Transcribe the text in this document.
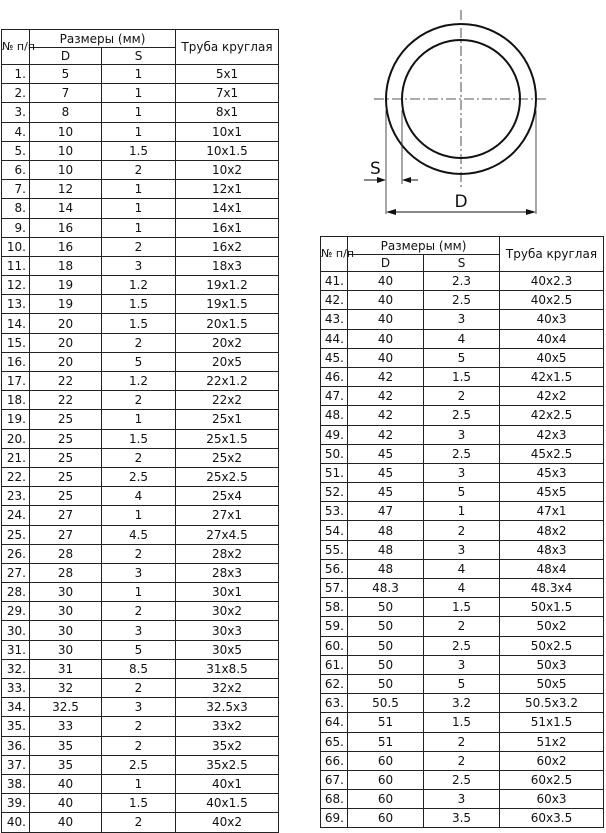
№ п/п	Размеры (мм)		Труба круглая
	D	S	
1.	5	1	5x1
2.	7	1	7x1
3.	8	1	8x1
4.	10	1	10x1
5.	10	1.5	10x1.5
6.	10	2	10x2
7.	12	1	12x1
8.	14	1	14x1
9.	16	1	16x1
10.	16	2	16x2
11.	18	3	18x3
12.	19	1.2	19x1.2
13.	19	1.5	19x1.5
14.	20	1.5	20x1.5
15.	20	2	20x2
16.	20	5	20x5
17.	22	1.2	22x1.2
18.	22	2	22x2
19.	25	1	25x1
20.	25	1.5	25x1.5
21.	25	2	25x2
22.	25	2.5	25x2.5
23.	25	4	25x4
24.	27	1	27x1
25.	27	4.5	27x4.5
26.	28	2	28x2
27.	28	3	28x3
28.	30	1	30x1
29.	30	2	30x2
30.	30	3	30x3
31.	30	5	30x5
32.	31	8.5	31x8.5
33.	32	2	32x2
34.	32.5	3	32.5x3
35.	33	2	33x2
36.	35	2	35x2
37.	35	2.5	35x2.5
38.	40	1	40x1
39.	40	1.5	40x1.5
40.	40	2	40x2
D
S
№ п/п	Размеры (мм)		Труба круглая
	D	S	
41.	40	2.3	40x2.3
42.	40	2.5	40x2.5
43.	40	3	40x3
44.	40	4	40x4
45.	40	5	40x5
46.	42	1.5	42x1.5
47.	42	2	42x2
48.	42	2.5	42x2.5
49.	42	3	42x3
50.	45	2.5	45x2.5
51.	45	3	45x3
52.	45	5	45x5
53.	47	1	47x1
54.	48	2	48x2
55.	48	3	48x3
56.	48	4	48x4
57.	48.3	4	48.3x4
58.	50	1.5	50x1.5
59.	50	2	50x2
60.	50	2.5	50x2.5
61.	50	3	50x3
62.	50	5	50x5
63.	50.5	3.2	50.5x3.2
64.	51	1.5	51x1.5
65.	51	2	51x2
66.	60	2	60x2
67.	60	2.5	60x2.5
68.	60	3	60x3
69.	60	3.5	60x3.5
